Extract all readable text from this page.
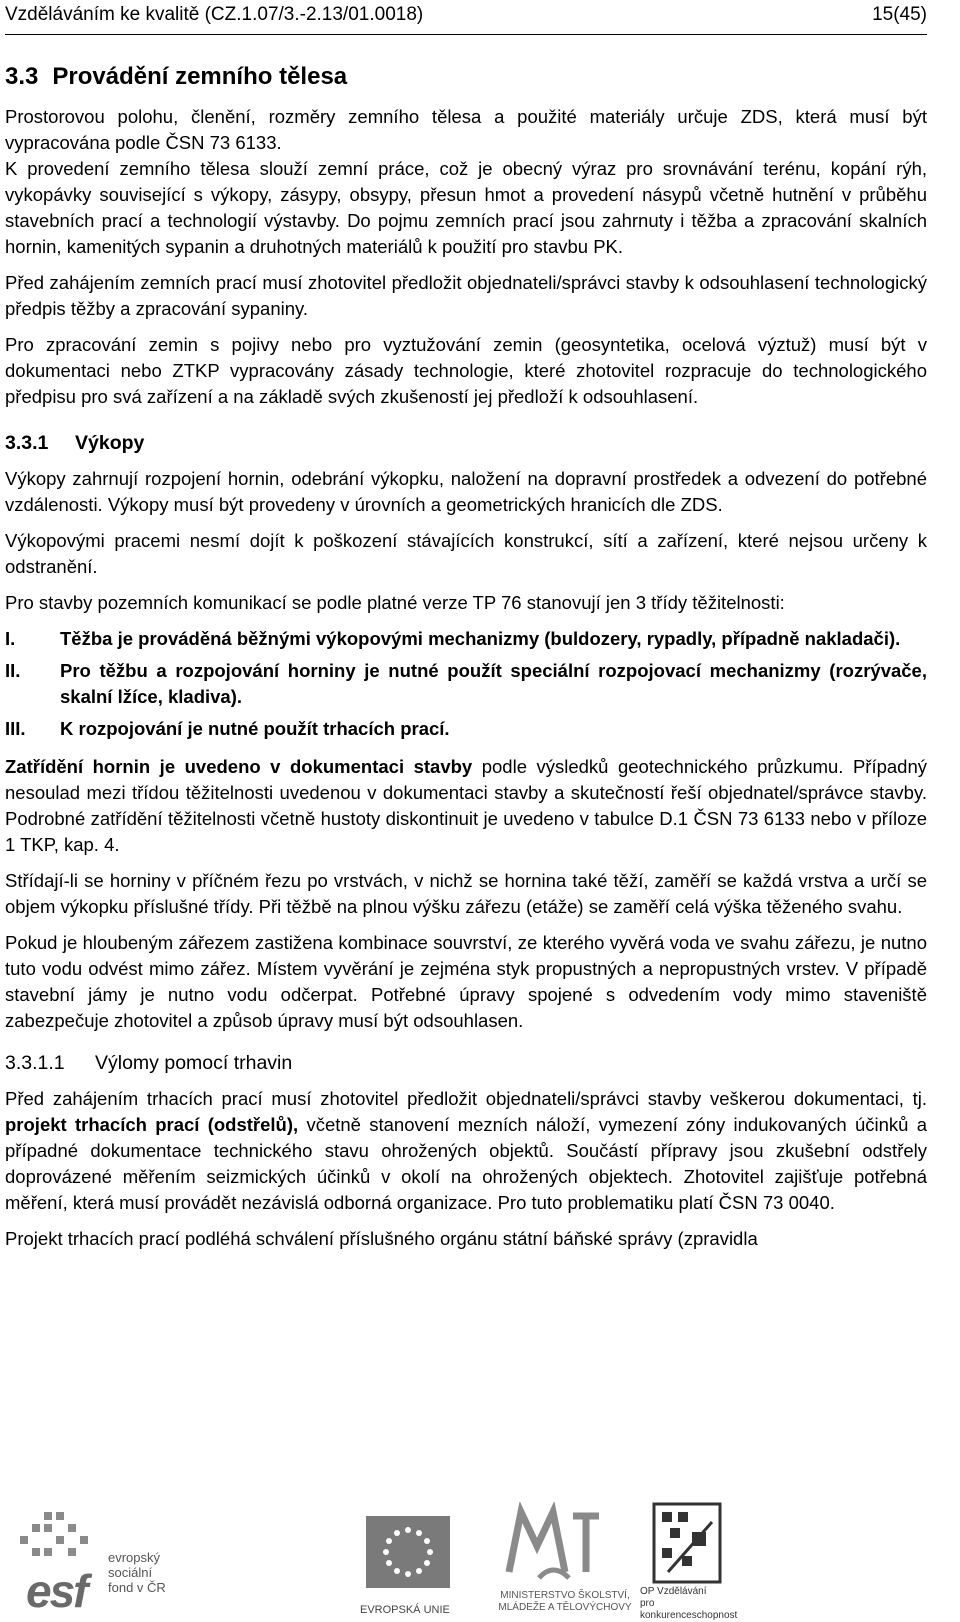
Vzděláváním ke kvalitě (CZ.1.07/3.-2.13/01.0018)	15(45)
3.3 Provádění zemního tělesa

Prostorovou polohu, členění, rozměry zemního tělesa a použité materiály určuje ZDS, která musí být vypracována podle ČSN 73 6133.

K provedení zemního tělesa slouží zemní práce, což je obecný výraz pro srovnávání terénu, kopání rýh, vykopávky související s výkopy, zásypy, obsypy, přesun hmot a provedení násypů včetně hutnění v průběhu stavebních prací a technologií výstavby. Do pojmu zemních prací jsou zahrnuty i těžba a zpracování skalních hornin, kamenitých sypanin a druhotných materiálů k použití pro stavbu PK.

Před zahájením zemních prací musí zhotovitel předložit objednateli/správci stavby k odsouhlasení technologický předpis těžby a zpracování sypaniny.

Pro zpracování zemin s pojivy nebo pro vyztužování zemin (geosyntetika, ocelová výztuž) musí být v dokumentaci nebo ZTKP vypracovány zásady technologie, které zhotovitel rozpracuje do technologického předpisu pro svá zařízení a na základě svých zkušeností jej předloží k odsouhlasení.

3.3.1 Výkopy

Výkopy zahrnují rozpojení hornin, odebrání výkopku, naložení na dopravní prostředek a odvezení do potřebné vzdálenosti. Výkopy musí být provedeny v úrovních a geometrických hranicích dle ZDS.

Výkopovými pracemi nesmí dojít k poškození stávajících konstrukcí, sítí a zařízení, které nejsou určeny k odstranění.

Pro stavby pozemních komunikací se podle platné verze TP 76 stanovují jen 3 třídy těžitelnosti:

I.	Těžba je prováděná běžnými výkopovými mechanizmy (buldozery, rypadly, případně nakladači).
II.	Pro těžbu a rozpojování horniny je nutné použít speciální rozpojovací mechanizmy (rozrývače, skalní lžíce, kladiva).
III.	K rozpojování je nutné použít trhacích prací.

Zatřídění hornin je uvedeno v dokumentaci stavby podle výsledků geotechnického průzkumu. Případný nesoulad mezi třídou těžitelnosti uvedenou v dokumentaci stavby a skutečností řeší objednatel/správce stavby. Podrobné zatřídění těžitelnosti včetně hustoty diskontinuit je uvedeno v tabulce D.1 ČSN 73 6133 nebo v příloze 1 TKP, kap. 4.

Střídají-li se horniny v příčném řezu po vrstvách, v nichž se hornina také těží, zaměří se každá vrstva a určí se objem výkopku příslušné třídy. Při těžbě na plnou výšku zářezu (etáže) se zaměří celá výška těženého svahu.

Pokud je hloubeným zářezem zastižena kombinace souvrství, ze kterého vyvěrá voda ve svahu zářezu, je nutno tuto vodu odvést mimo zářez. Místem vyvěrání je zejména styk propustných a nepropustných vrstev. V případě stavební jámy je nutno vodu odčerpat. Potřebné úpravy spojené s odvedením vody mimo staveniště zabezpečuje zhotovitel a způsob úpravy musí být odsouhlasen.

3.3.1.1 Výlomy pomocí trhavin

Před zahájením trhacích prací musí zhotovitel předložit objednateli/správci stavby veškerou dokumentaci, tj. projekt trhacích prací (odstřelů), včetně stanovení mezních náloží, vymezení zóny indukovaných účinků a případné dokumentace technického stavu ohrožených objektů. Součástí přípravy jsou zkušební odstřely doprovázené měřením seizmických účinků v okolí na ohrožených objektech. Zhotovitel zajišťuje potřebná měření, která musí provádět nezávislá odborná organizace. Pro tuto problematiku platí ČSN 73 0040.

Projekt trhacích prací podléhá schválení příslušného orgánu státní báňské správy (zpravidla

esf
evropský
sociální
fond v ČR
EVROPSKÁ UNIE
MINISTERSTVO ŠKOLSTVÍ,
MLÁDEŽE A TĚLOVÝCHOVY
OP Vzdělávání
pro konkurenceschopnost
